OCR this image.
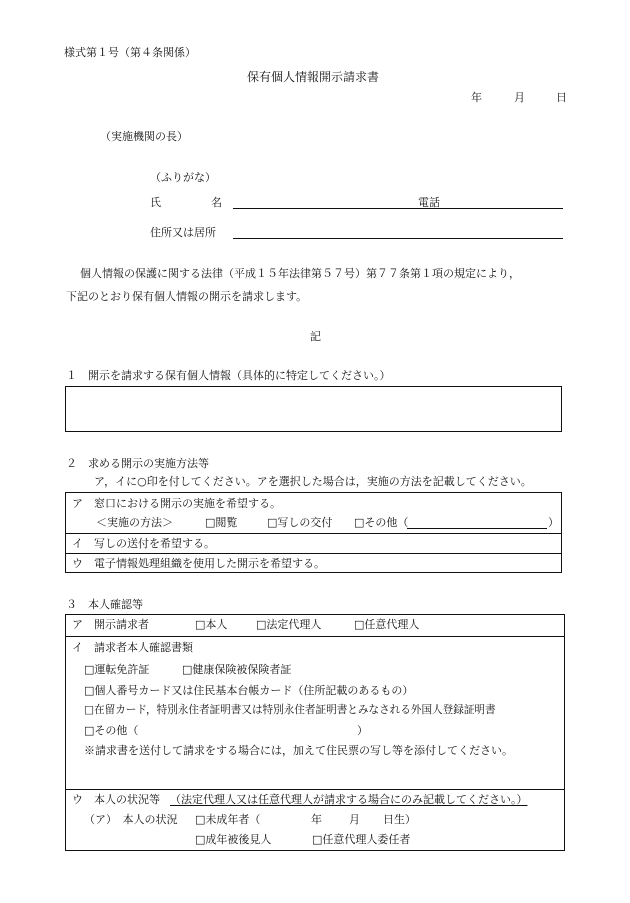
様式第１号（第４条関係）
保有個人情報開示請求書
年	月	日
（実施機関の長）
（ふりがな）
氏	名	電話
住所又は居所
個人情報の保護に関する法律（平成１５年法律第５７号）第７７条第１項の規定により，
下記のとおり保有個人情報の開示を請求します。
記
１　開示を請求する保有個人情報（具体的に特定してください。）
２　求める開示の実施方法等
ア，イに○印を付してください。アを選択した場合は，実施の方法を記載してください。
ア　窓口における開示の実施を希望する。
＜実施の方法＞	□閲覧	□写しの交付 □その他（	）
イ　写しの送付を希望する。
ウ　電子情報処理組織を使用した開示を希望する。
３　本人確認等
ア　開示請求者	□本人	□法定代理人	□任意代理人
イ　請求者本人確認書類
□運転免許証	□健康保険被保険者証
□個人番号カード又は住民基本台帳カード（住所記載のあるもの）
□在留カード，特別永住者証明書又は特別永住者証明書とみなされる外国人登録証明書
□その他（	）
※請求書を送付して請求をする場合には，加えて住民票の写し等を添付してください。
ウ　本人の状況等 （法定代理人又は任意代理人が請求する場合にのみ記載してください。）
（ア）　本人の状況 □未成年者（	年 月 日生）
□成年被後見人	□任意代理人委任者
